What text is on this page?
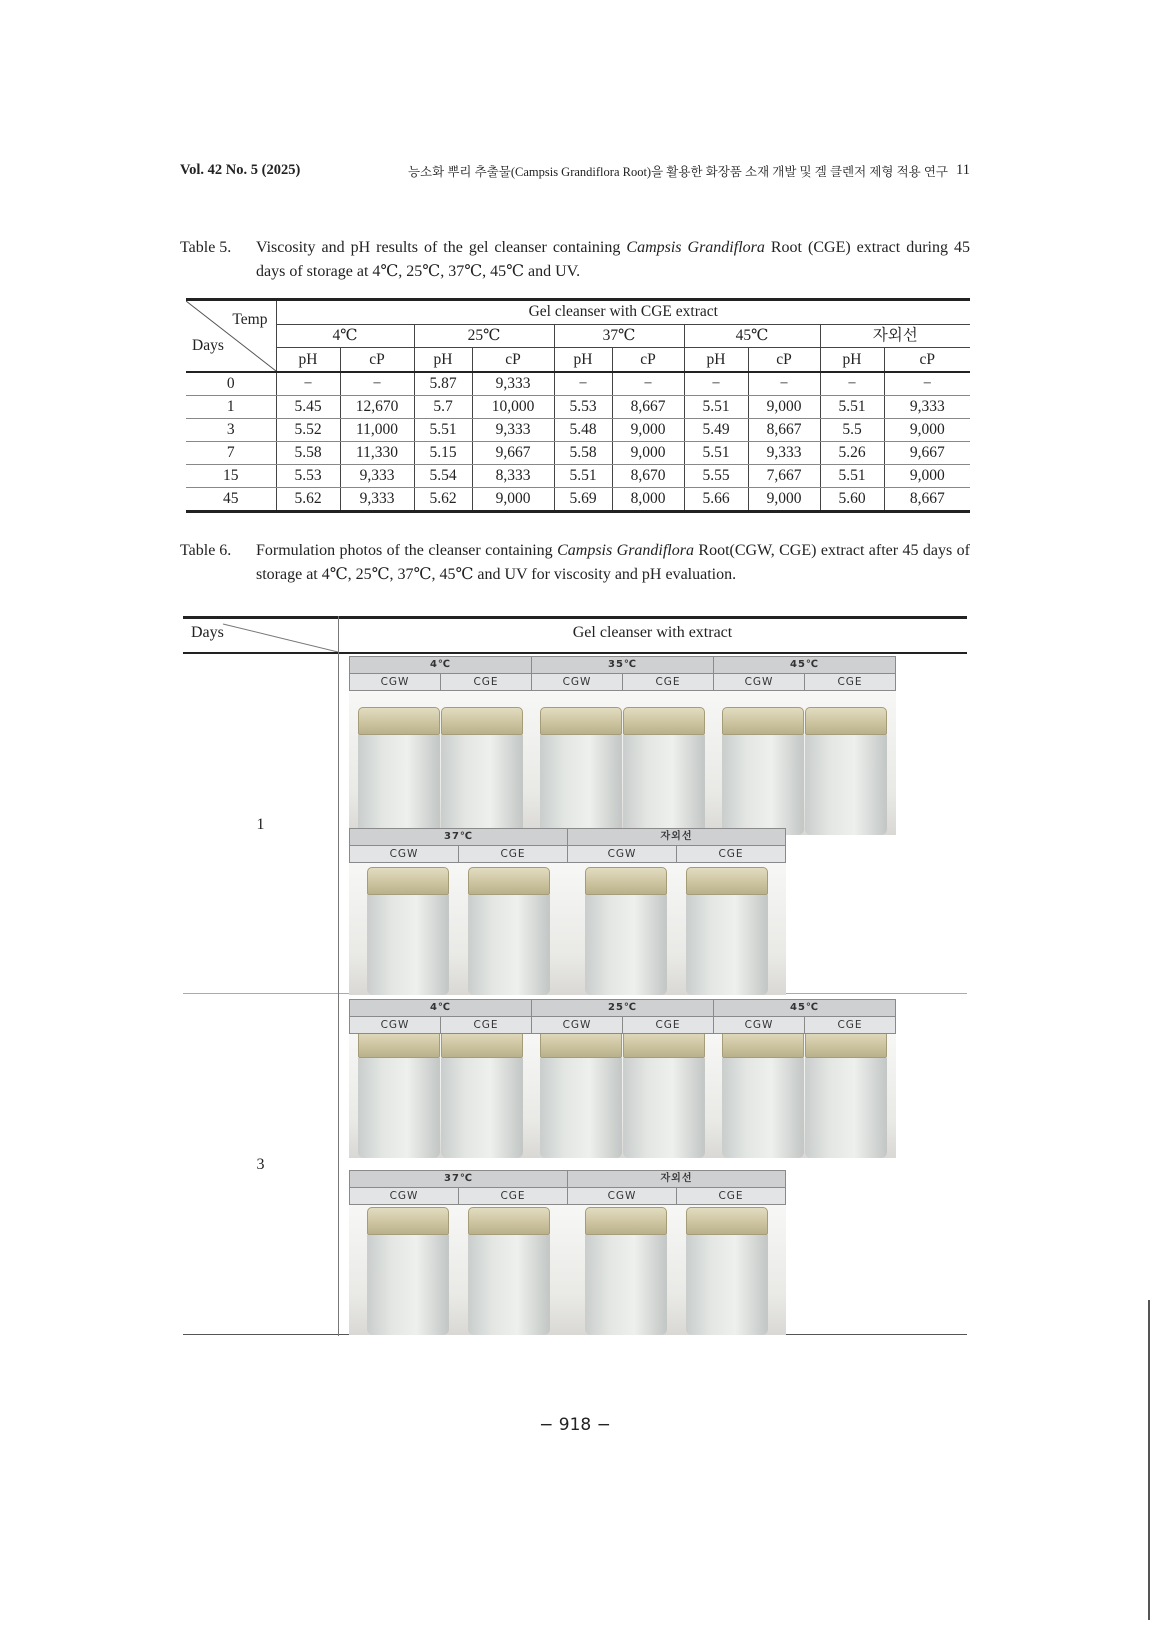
Vol. 42 No. 5 (2025)	능소화 뿌리 추출물(Campsis Grandiflora Root)을 활용한 화장품 소재 개발 및 겔 클렌저 제형 적용 연구 11
Table 5.	Viscosity and pH results of the gel cleanser containing Campsis Grandiflora Root (CGE) extract during 45 days of storage at 4℃, 25℃, 37℃, 45℃ and UV.
Temp
Days	Gel cleanser with CGE extract									
	4℃		25℃		37℃		45℃		자외선	
	pH	cP	pH	cP	pH	cP	pH	cP	pH	cP
0	−	−	5.87	9,333	−	−	−	−	−	−
1	5.45	12,670	5.7	10,000	5.53	8,667	5.51	9,000	5.51	9,333
3	5.52	11,000	5.51	9,333	5.48	9,000	5.49	8,667	5.5	9,000
7	5.58	11,330	5.15	9,667	5.58	9,000	5.51	9,333	5.26	9,667
15	5.53	9,333	5.54	8,333	5.51	8,670	5.55	7,667	5.51	9,000
45	5.62	9,333	5.62	9,000	5.69	8,000	5.66	9,000	5.60	8,667
Table 6.	Formulation photos of the cleanser containing Campsis Grandiflora Root(CGW, CGE) extract after 45 days of storage at 4℃, 25℃, 37℃, 45℃ and UV for viscosity and pH evaluation.
Days	Gel cleanser with extract
1
3
4℃	35℃	45℃
CGW	CGE	CGW	CGE	CGW	CGE
37℃	자외선
CGW	CGE	CGW	CGE
4℃	25℃	45℃
CGW	CGE	CGW	CGE	CGW	CGE
37℃	자외선
CGW	CGE	CGW	CGE
− 918 −
